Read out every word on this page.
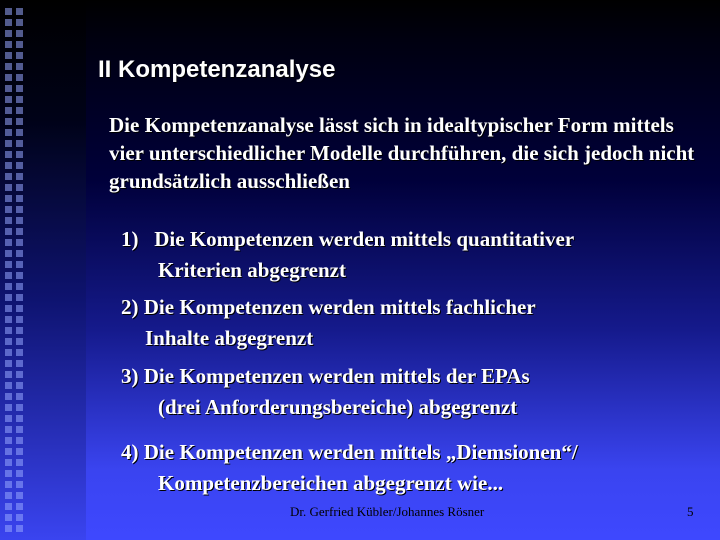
II Kompetenzanalyse
Die Kompetenzanalyse lässt sich in idealtypischer Form mittels vier unterschiedlicher Modelle durchführen, die sich jedoch nicht grundsätzlich ausschließen
1)  Die Kompetenzen werden mittels quantitativer
Kriterien abgegrenzt
2) Die Kompetenzen werden mittels fachlicher
Inhalte abgegrenzt
3) Die Kompetenzen werden mittels der EPAs
(drei Anforderungsbereiche) abgegrenzt
4) Die Kompetenzen werden mittels „Diemsionen“/
Kompetenzbereichen abgegrenzt wie...
Dr. Gerfried Kübler/Johannes Rösner	5
